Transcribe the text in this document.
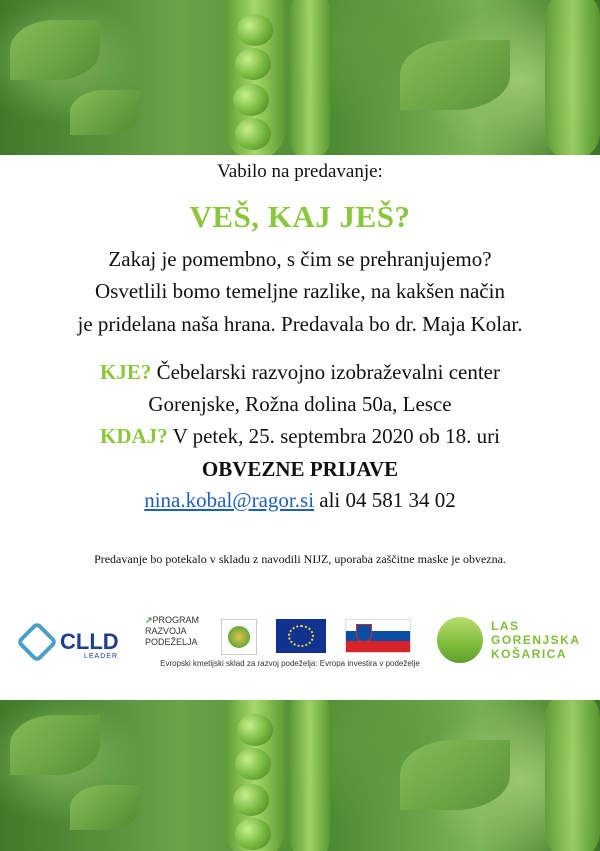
Vabilo na predavanje:
VEŠ, KAJ JEŠ?
Zakaj je pomembno, s čim se prehranjujemo?
Osvetlili bomo temeljne razlike, na kakšen način
je pridelana naša hrana. Predavala bo dr. Maja Kolar.
KJE? Čebelarski razvojno izobraževalni center
Gorenjske, Rožna dolina 50a, Lesce
KDAJ? V petek, 25. septembra 2020 ob 18. uri
OBVEZNE PRIJAVE
nina.kobal@ragor.si ali 04 581 34 02
Predavanje bo potekalo v skladu z navodili NIJZ, uporaba zaščitne maske je obvezna.
CLLD
LEADER
↗PROGRAM
RAZVOJA
PODEŽELJA
Evropski kmetijski sklad za razvoj podeželja: Evropa investira v podeželje
LAS
GORENJSKA
KOŠARICA
